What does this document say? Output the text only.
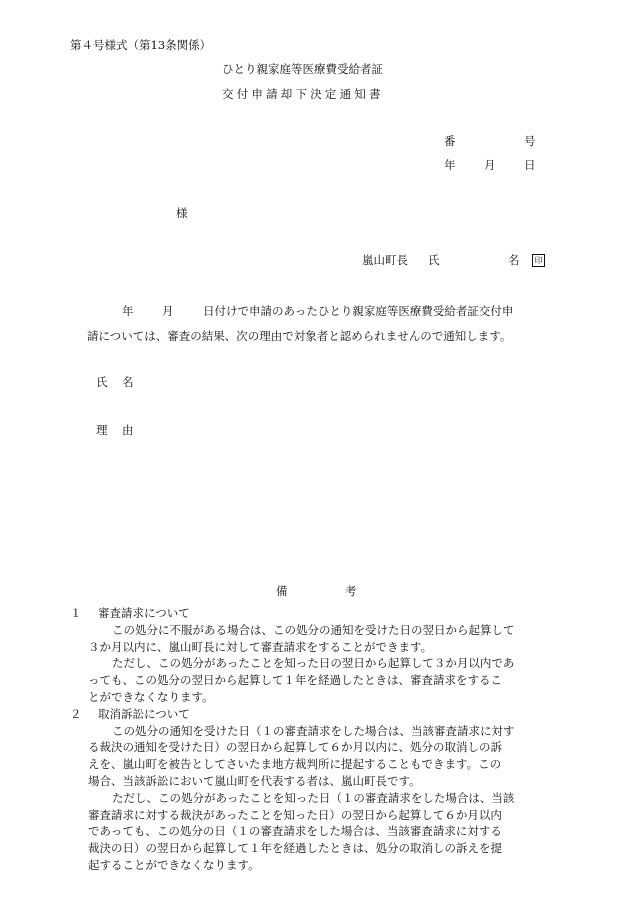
第４号様式（第13条関係）
ひとり親家庭等医療費受給者証
交付申請却下決定通知書
番	号
年 月 日
様
嵐山町長 氏	名	印
年 月	日付けで申請のあったひとり親家庭等医療費受給者証交付申
請については、審査の結果、次の理由で対象者と認められませんので通知します。
氏 名
理 由
備	考
１ 審査請求について
この処分に不服がある場合は、この処分の通知を受けた日の翌日から起算して
３か月以内に、嵐山町長に対して審査請求をすることができます。
ただし、この処分があったことを知った日の翌日から起算して３か月以内であ
っても、この処分の翌日から起算して１年を経過したときは、審査請求をするこ
とができなくなります。
２ 取消訴訟について
この処分の通知を受けた日（１の審査請求をした場合は、当該審査請求に対す
る裁決の通知を受けた日）の翌日から起算して６か月以内に、処分の取消しの訴
えを、嵐山町を被告としてさいたま地方裁判所に提起することもできます。この
場合、当該訴訟において嵐山町を代表する者は、嵐山町長です。
ただし、この処分があったことを知った日（１の審査請求をした場合は、当該
審査請求に対する裁決があったことを知った日）の翌日から起算して６か月以内
であっても、この処分の日（１の審査請求をした場合は、当該審査請求に対する
裁決の日）の翌日から起算して１年を経過したときは、処分の取消しの訴えを提
起することができなくなります。
